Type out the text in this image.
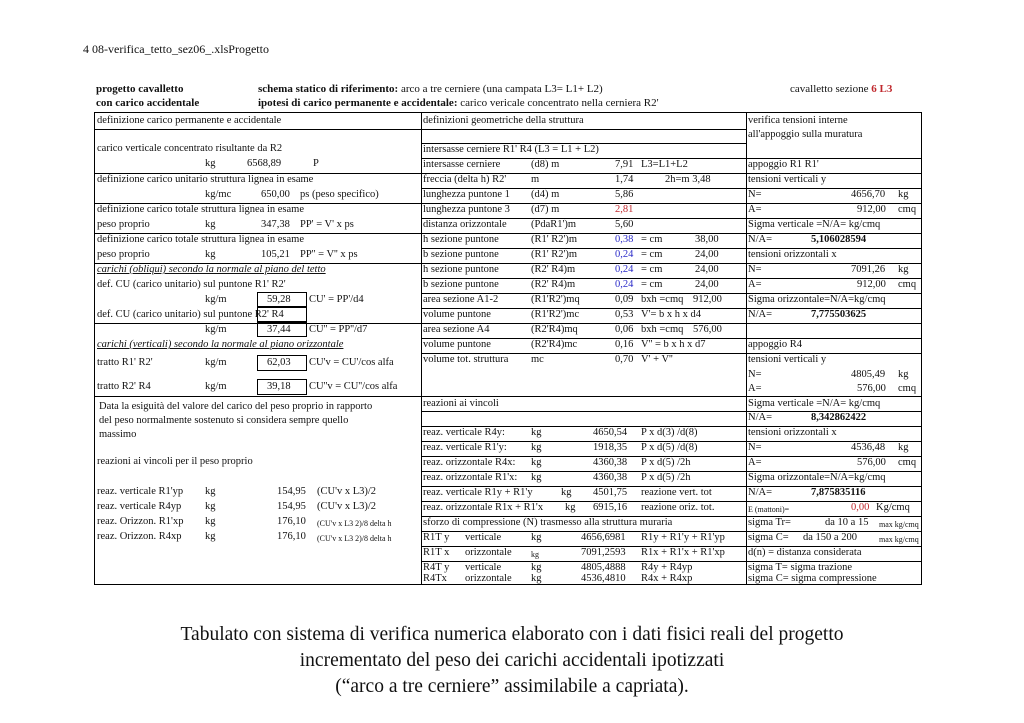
4 08-verifica_tetto_sez06_.xlsProgetto
progetto cavalletto	schema statico di riferimento: arco a tre cerniere (una campata L3= L1+ L2)	cavalletto sezione 6 L3
con carico accidentale	ipotesi di carico permanente e accidentale: carico vericale concentrato nella cerniera R2'
definizione carico permanente e accidentale
carico verticale concentrato risultante da R2
kg	6568,89	P
definizione carico unitario struttura lignea in esame
kg/mc	650,00 ps (peso specifico)
definizione carico totale struttura lignea in esame
peso proprio	kg	347,38 PP' = V' x ps
definizione carico totale struttura lignea in esame
peso proprio	kg	105,21 PP'' = V'' x ps
carichi (obliqui) secondo la normale al piano del tetto
def. CU (carico unitario) sul puntone R1' R2'
kg/m	59,28 CU' = PP'/d4
def. CU (carico unitario) sul puntone R2' R4
kg/m	37,44 CU'' = PP''/d7
carichi (verticali) secondo la normale al piano orizzontale
tratto R1' R2'	kg/m	62,03 CU'v = CU'/cos alfa
tratto R2' R4	kg/m	39,18 CU''v = CU''/cos alfa
Data la esiguità del valore del carico del peso proprio in rapporto
del peso normalmente sostenuto si considera sempre quello
massimo
reazioni ai vincoli per il peso proprio
reaz. verticale R1'yp kg	154,95 (CU'v x L3)/2
reaz. verticale R4yp kg	154,95 (CU'v x L3)/2
reaz. Orizzon. R1'xp kg	176,10 (CU'v x L3 2)/8 delta h
reaz. Orizzon. R4xp kg	176,10 (CU'v x L3 2)/8 delta h
definizioni geometriche della struttura
intersasse cerniere R1' R4 (L3 = L1 + L2)
intersasse cerniere	(d8) m	7,91 L3=L1+L2
freccia (delta h) R2' m	1,74	2h=m 3,48
lunghezza puntone 1 (d4) m	5,86
lunghezza puntone 3 (d7) m	2,81
distanza orizzontale (PdaR1')m	5,60
h sezione puntone	(R1' R2')m	0,38 = cm	38,00
b sezione puntone	(R1' R2')m	0,24 = cm	24,00
h sezione puntone	(R2' R4)m	0,24 = cm	24,00
b sezione puntone	(R2' R4)m	0,24 = cm	24,00
area sezione A1-2	(R1'R2')mq	0,09 bxh =cmq 912,00
volume puntone	(R1'R2')mc	0,53 V'= b x h x d4
area sezione A4	(R2'R4)mq	0,06 bxh =cmq 576,00
volume puntone	(R2'R4)mc	0,16 V'' = b x h x d7
volume tot. struttura mc	0,70 V' + V''
reazioni ai vincoli
reaz. verticale R4y: kg	4650,54 P x d(3) /d(8)
reaz. verticale R1'y: kg	1918,35 P x d(5) /d(8)
reaz. orizzontale R4x: kg	4360,38 P x d(5) /2h
reaz. orizzontale R1'x: kg	4360,38 P x d(5) /2h
reaz. verticale R1y + R1'y	kg 4501,75 reazione vert. tot
reaz. orizzontale R1x + R1'x kg 6915,16 reazione oriz. tot.
sforzo di compressione (N) trasmesso alla struttura muraria
R1T y verticale	kg	4656,6981 R1y + R1'y + R1'yp
R1T x orizzontale kg	7091,2593 R1x + R1'x + R1'xp
R4T y verticale	kg	4805,4888 R4y + R4yp
R4Tx orizzontale kg	4536,4810 R4x + R4xp
verifica tensioni interne
all'appoggio sulla muratura
appoggio R1 R1'
tensioni verticali y
N=	4656,70 kg
A=	912,00 cmq
Sigma verticale =N/A= kg/cmq
N/A=	5,106028594
tensioni orizzontali x
N=	7091,26 kg
A=	912,00 cmq
Sigma orizzontale=N/A=kg/cmq
N/A=	7,775503625
appoggio R4
tensioni verticali y
N=	4805,49 kg
A=	576,00 cmq
Sigma verticale =N/A= kg/cmq
N/A=	8,342862422
tensioni orizzontali x
N=	4536,48 kg
A=	576,00 cmq
Sigma orizzontale=N/A=kg/cmq
N/A=	7,875835116
E (mattoni)=	0,00 Kg/cmq
sigma Tr=	da 10 a 15 max kg/cmq
sigma C= da 150 a 200	max kg/cmq
d(n) = distanza considerata
sigma T= sigma trazione
sigma C= sigma compressione
Tabulato con sistema di verifica numerica elaborato con i dati fisici reali del progetto
incrementato del peso dei carichi accidentali ipotizzati
(“arco a tre cerniere” assimilabile a capriata).
